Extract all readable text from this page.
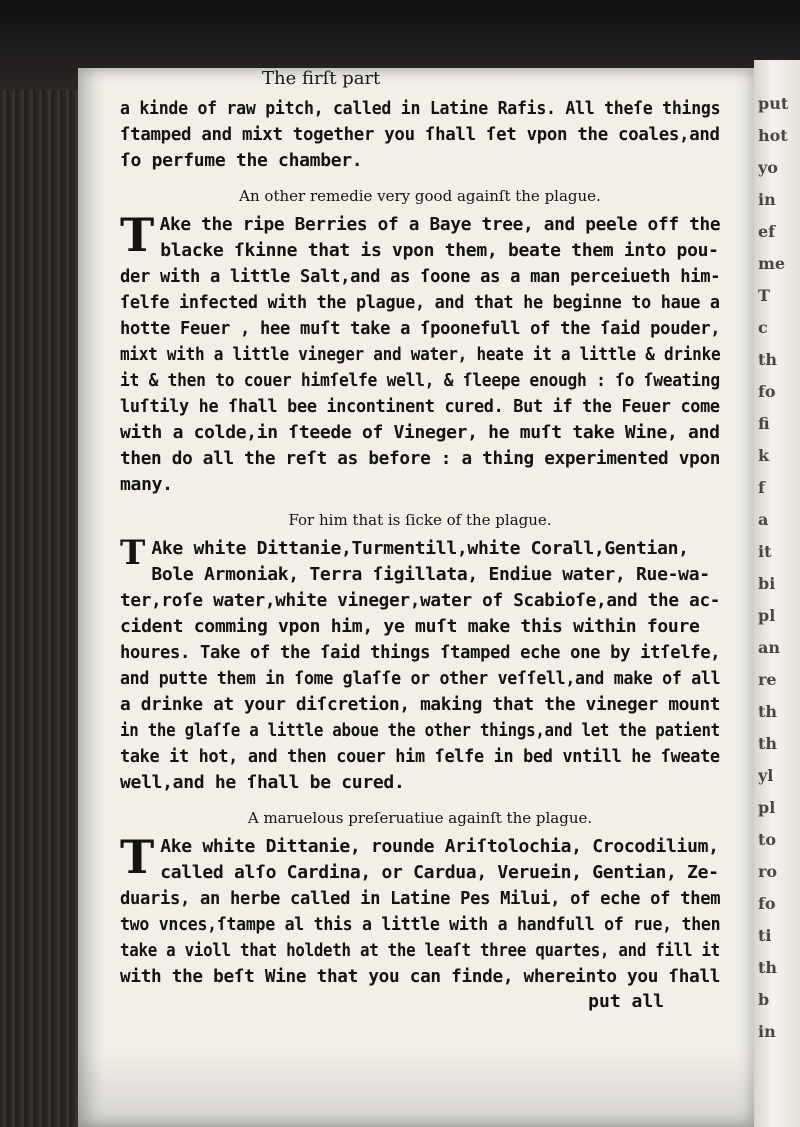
put
hot
yo
in
ef
me
T
c
th
fo
fi
k
f
a
it
bi
pl
an
re
th
th
yl
pl
to
ro
fo
ti
th
b
in
The firſt part
a kinde of raw pitch, called in Latine Rafis. All theſe things
ſtamped and mixt together you ſhall ſet vpon the coales,and
ſo perfume the chamber.
An other remedie very good againſt the plague.
T Ake the ripe Berries of a Baye tree, and peele off the
blacke ſkinne that is vpon them, beate them into pou-
der with a little Salt,and as ſoone as a man perceiueth him-
ſelfe infected with the plague, and that he beginne to haue a
hotte Feuer , hee muſt take a ſpoonefull of the ſaid pouder,
mixt with a little vineger and water, heate it a little & drinke
it & then to couer himſelfe well, & ſleepe enough : ſo ſweating
luſtily he ſhall bee incontinent cured. But if the Feuer come
with a colde,in ſteede of Vineger, he muſt take Wine, and
then do all the reſt as before : a thing experimented vpon
many.
For him that is ſicke of the plague.
T Ake white Dittanie,Turmentill,white Corall,Gentian,
Bole Armoniak, Terra ſigillata, Endiue water, Rue-wa-
ter,roſe water,white vineger,water of Scabioſe,and the ac-
cident comming vpon him, ye muſt make this within foure
houres. Take of the ſaid things ſtamped eche one by itſelfe,
and putte them in ſome glaſſe or other veſſell,and make of all
a drinke at your diſcretion, making that the vineger mount
in the glaſſe a little aboue the other things,and let the patient
take it hot, and then couer him ſelfe in bed vntill he ſweate
well,and he ſhall be cured.
A maruelous preſeruatiue againſt the plague.
T Ake white Dittanie, rounde Ariſtolochia, Crocodilium,
called alſo Cardina, or Cardua, Veruein, Gentian, Ze-
duaris, an herbe called in Latine Pes Milui, of eche of them
two vnces,ſtampe al this a little with a handfull of rue, then
take a violl that holdeth at the leaſt three quartes, and fill it
with the beſt Wine that you can finde, whereinto you ſhall
put all
